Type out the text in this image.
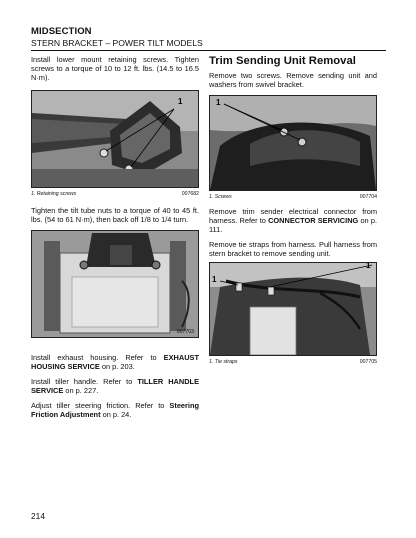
MIDSECTION
STERN BRACKET – POWER TILT MODELS

Install lower mount retaining screws. Tighten screws to a torque of 10 to 12 ft. lbs. (14.5 to 16.5 N·m).

1
1. Retaining screws	007682

Tighten the tilt tube nuts to a torque of 40 to 45 ft. lbs. (54 to 61 N·m), then back off 1/8 to 1/4 turn.

007703

Install exhaust housing. Refer to EXHAUST HOUSING SERVICE on p. 203.

Install tiller handle. Refer to TILLER HANDLE SERVICE on p. 227.

Adjust tiller steering friction. Refer to Steering Friction Adjustment on p. 24.

Trim Sending Unit Removal

Remove two screws. Remove sending unit and washers from swivel bracket.

1
1. Screws	007704

Remove trim sender electrical connector from harness. Refer to CONNECTOR SERVICING on p. 111.

Remove tie straps from harness. Pull harness from stern bracket to remove sending unit.

1
1
1. Tie straps	007705
214
